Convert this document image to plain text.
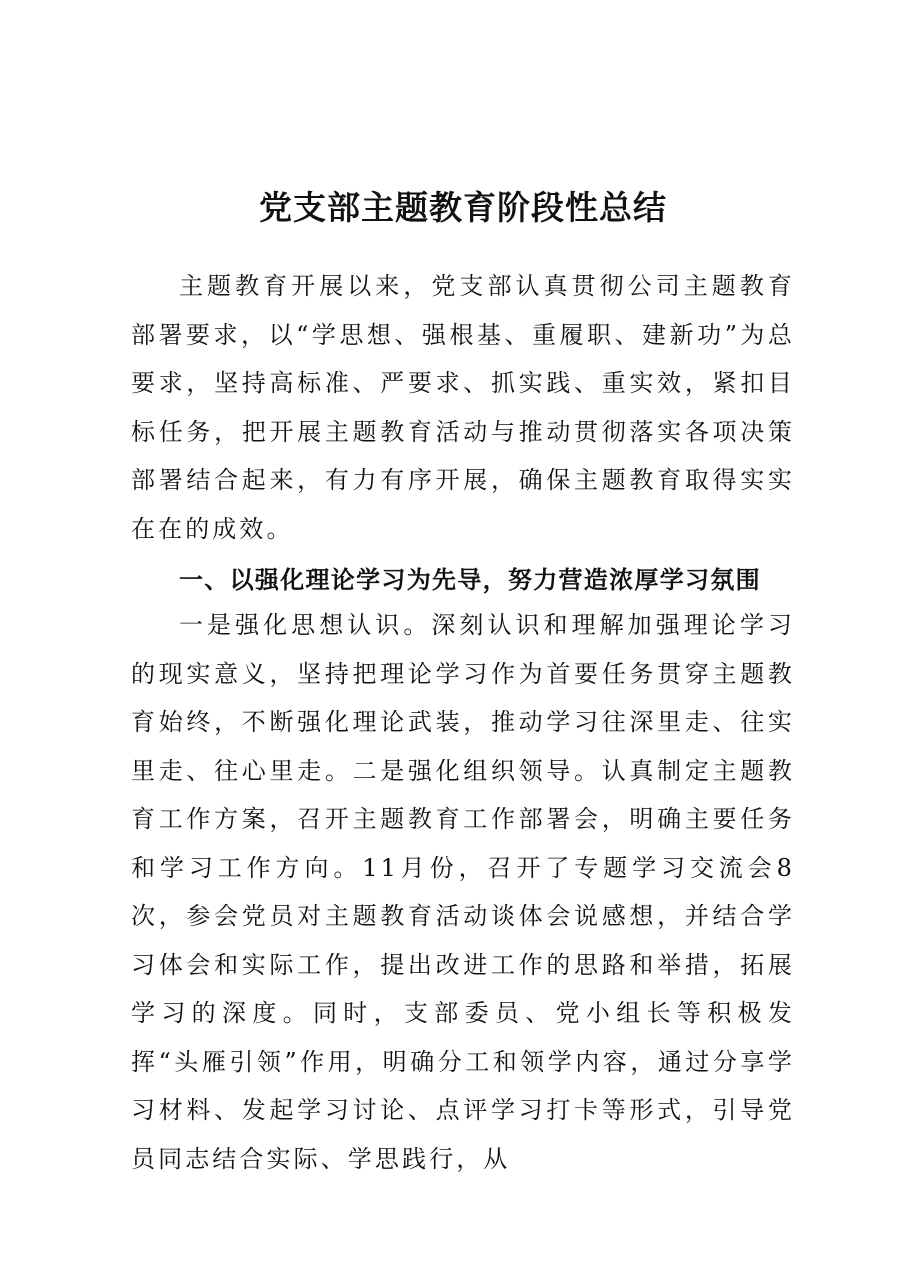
党支部主题教育阶段性总结

主题教育开展以来，党支部认真贯彻公司主题教育部署要求，以“学思想、强根基、重履职、建新功”为总要求，坚持高标准、严要求、抓实践、重实效，紧扣目标任务，把开展主题教育活动与推动贯彻落实各项决策部署结合起来，有力有序开展，确保主题教育取得实实在在的成效。

一、以强化理论学习为先导，努力营造浓厚学习氛围

一是强化思想认识。深刻认识和理解加强理论学习的现实意义，坚持把理论学习作为首要任务贯穿主题教育始终，不断强化理论武装，推动学习往深里走、往实里走、往心里走。二是强化组织领导。认真制定主题教育工作方案，召开主题教育工作部署会，明确主要任务和学习工作方向。11月份，召开了专题学习交流会8次，参会党员对主题教育活动谈体会说感想，并结合学习体会和实际工作，提出改进工作的思路和举措，拓展学习的深度。同时，支部委员、党小组长等积极发挥“头雁引领”作用，明确分工和领学内容，通过分享学习材料、发起学习讨论、点评学习打卡等形式，引导党员同志结合实际、学思践行，从
